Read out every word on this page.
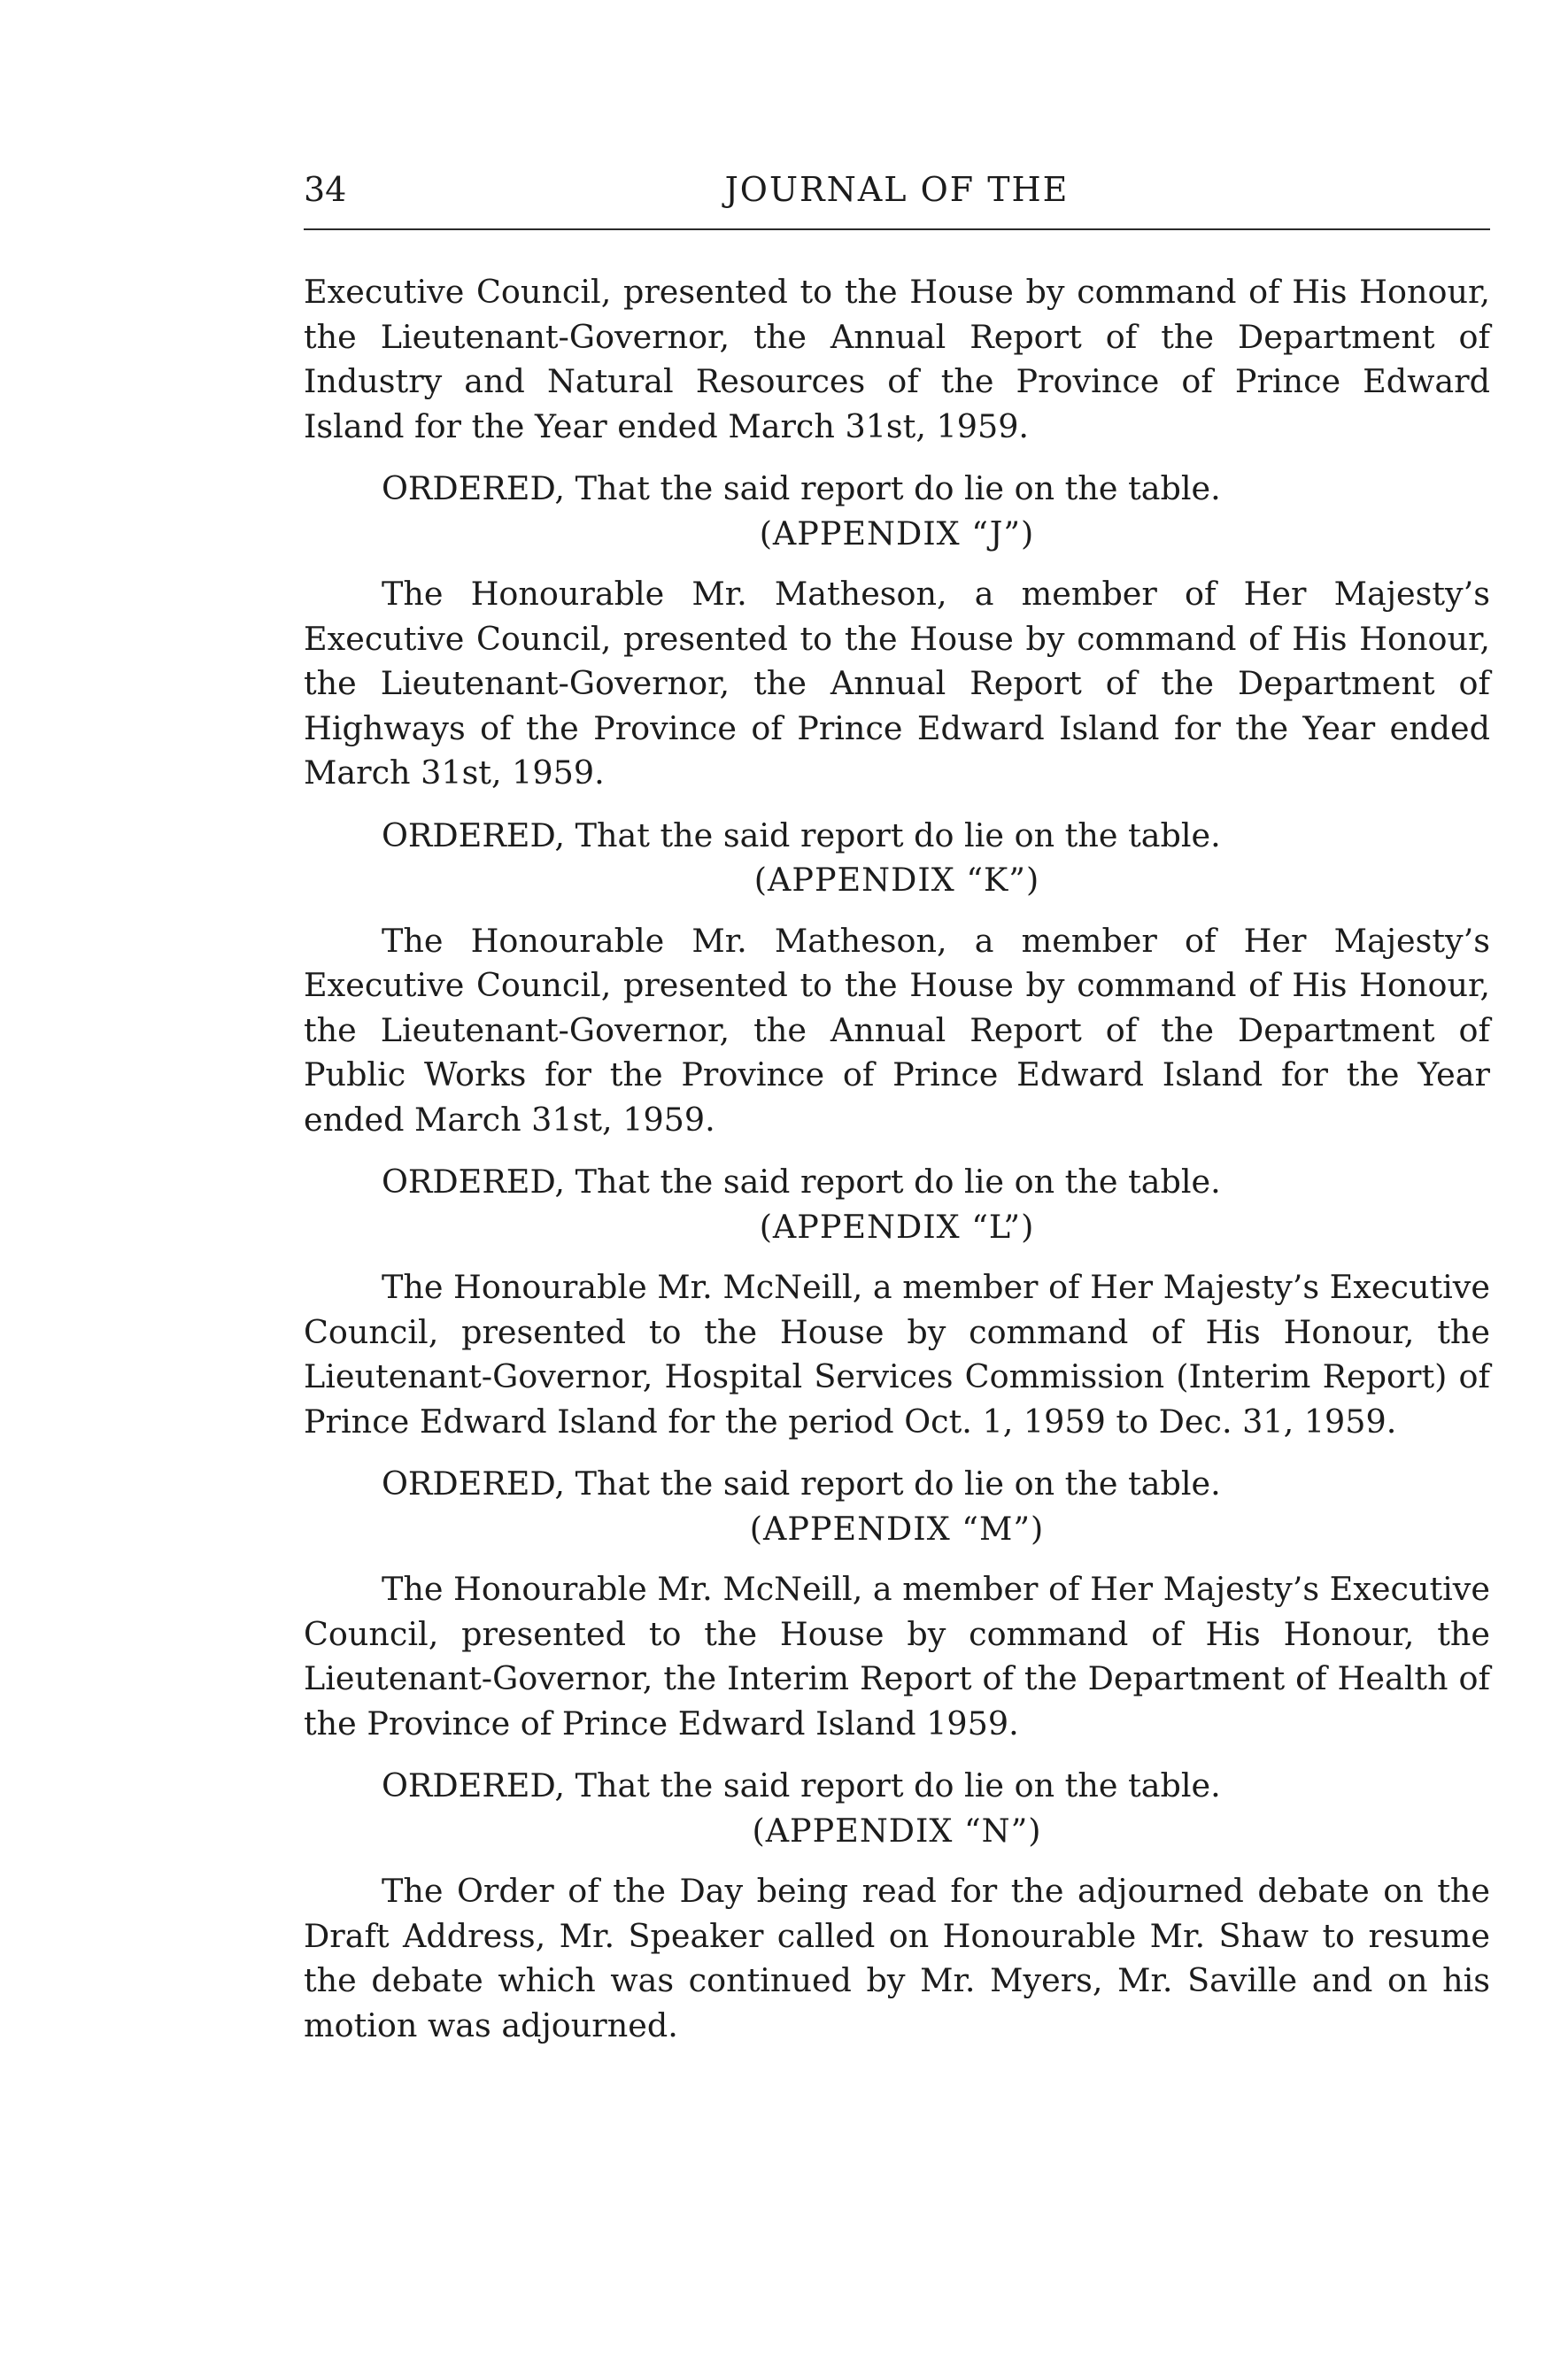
34	JOURNAL OF THE

Executive Council, presented to the House by command of His Honour, the Lieutenant-Governor, the Annual Report of the Department of Industry and Natural Resources of the Province of Prince Edward Island for the Year ended March 31st, 1959.

ORDERED, That the said report do lie on the table.

(APPENDIX “J”)

The Honourable Mr. Matheson, a member of Her Majesty’s Executive Council, presented to the House by command of His Honour, the Lieutenant-Governor, the Annual Report of the Department of Highways of the Province of Prince Edward Island for the Year ended March 31st, 1959.

ORDERED, That the said report do lie on the table.

(APPENDIX “K”)

The Honourable Mr. Matheson, a member of Her Majesty’s Executive Council, presented to the House by command of His Honour, the Lieutenant-Governor, the Annual Report of the Department of Public Works for the Province of Prince Edward Island for the Year ended March 31st, 1959.

ORDERED, That the said report do lie on the table.

(APPENDIX “L”)

The Honourable Mr. McNeill, a member of Her Majesty’s Executive Council, presented to the House by command of His Honour, the Lieutenant-Governor, Hospital Services Commission (Interim Report) of Prince Edward Island for the period Oct. 1, 1959 to Dec. 31, 1959.

ORDERED, That the said report do lie on the table.

(APPENDIX “M”)

The Honourable Mr. McNeill, a member of Her Majesty’s Executive Council, presented to the House by command of His Honour, the Lieutenant-Governor, the Interim Report of the Department of Health of the Province of Prince Edward Island 1959.

ORDERED, That the said report do lie on the table.

(APPENDIX “N”)

The Order of the Day being read for the adjourned debate on the Draft Address, Mr. Speaker called on Honourable Mr. Shaw to resume the debate which was continued by Mr. Myers, Mr. Saville and on his motion was adjourned.
